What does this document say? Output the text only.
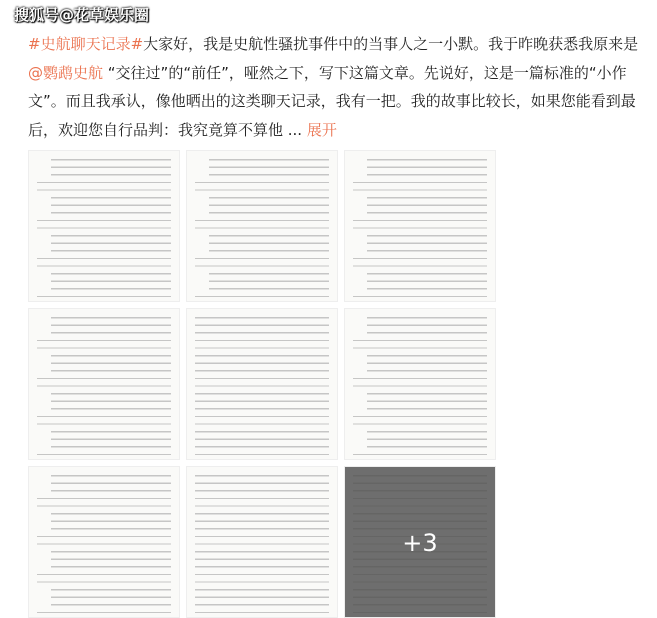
搜狐号@花草娱乐圈
#史航聊天记录#大家好，我是史航性骚扰事件中的当事人之一小默。我于昨晚获悉我原来是@鹦鹉史航 “交往过”的“前任”，哑然之下，写下这篇文章。先说好，这是一篇标准的“小作文”。而且我承认，像他晒出的这类聊天记录，我有一把。我的故事比较长，如果您能看到最后，欢迎您自行品判：我究竟算不算他 ... 展开
+3
